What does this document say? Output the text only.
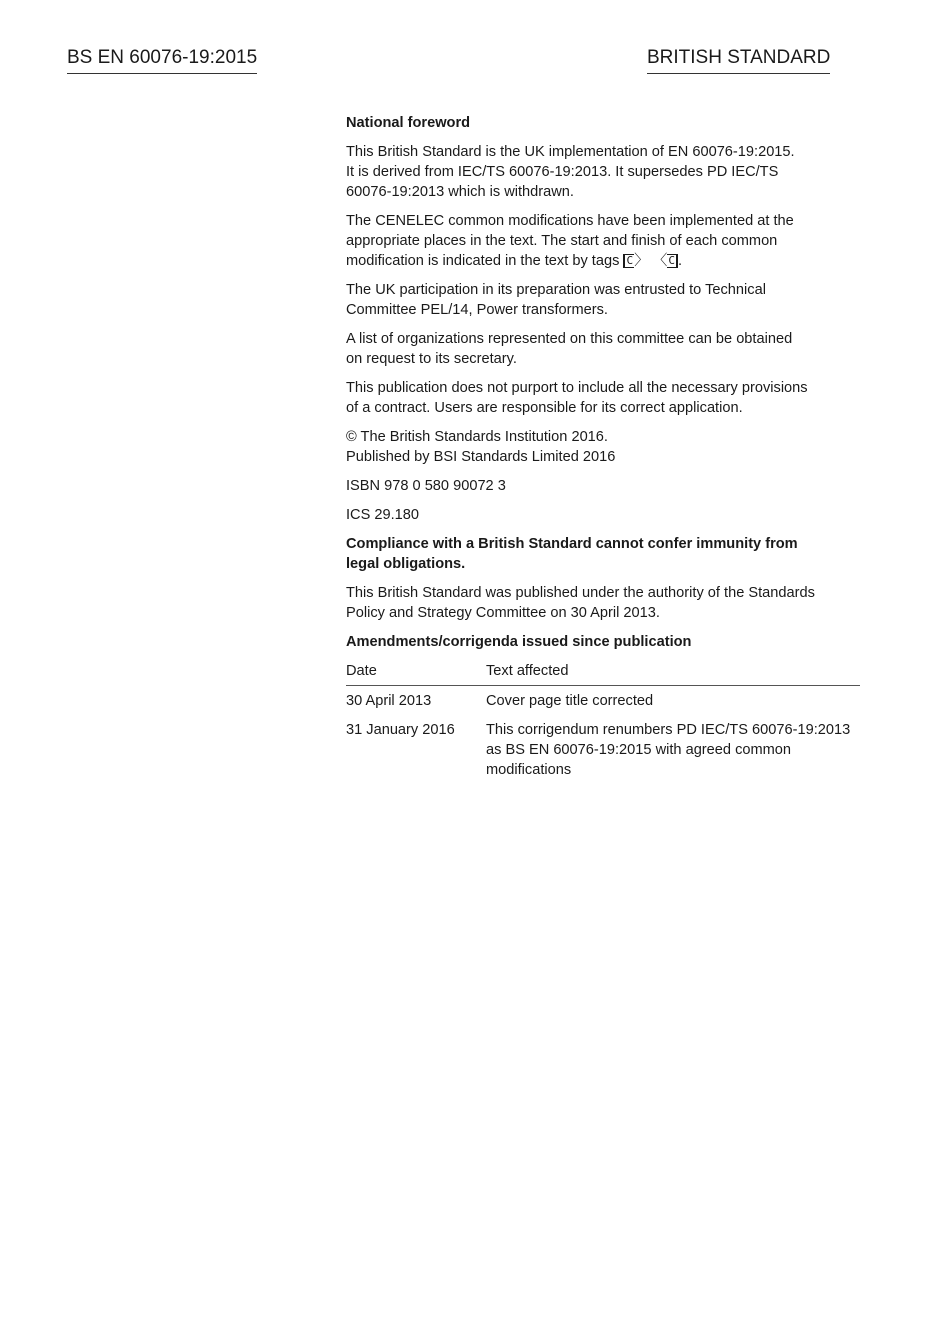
BS EN 60076-19:2015	BRITISH STANDARD

National foreword

This British Standard is the UK implementation of EN 60076-19:2015.
It is derived from IEC/TS 60076-19:2013. It supersedes PD IEC/TS
60076-19:2013 which is withdrawn.

The CENELEC common modifications have been implemented at the
appropriate places in the text. The start and finish of each common
modification is indicated in the text by tags C〉 〈C .

The UK participation in its preparation was entrusted to Technical
Committee PEL/14, Power transformers.

A list of organizations represented on this committee can be obtained
on request to its secretary.

This publication does not purport to include all the necessary provisions
of a contract. Users are responsible for its correct application.

© The British Standards Institution 2016.
Published by BSI Standards Limited 2016

ISBN 978 0 580 90072 3

ICS 29.180

Compliance with a British Standard cannot confer immunity from
legal obligations.

This British Standard was published under the authority of the Standards
Policy and Strategy Committee on 30 April 2013.

Amendments/corrigenda issued since publication

Date	Text affected
30 April 2013	Cover page title corrected

31 January 2016	This corrigendum renumbers PD IEC/TS 60076-19:2013
as BS EN 60076-19:2015 with agreed common
modifications
